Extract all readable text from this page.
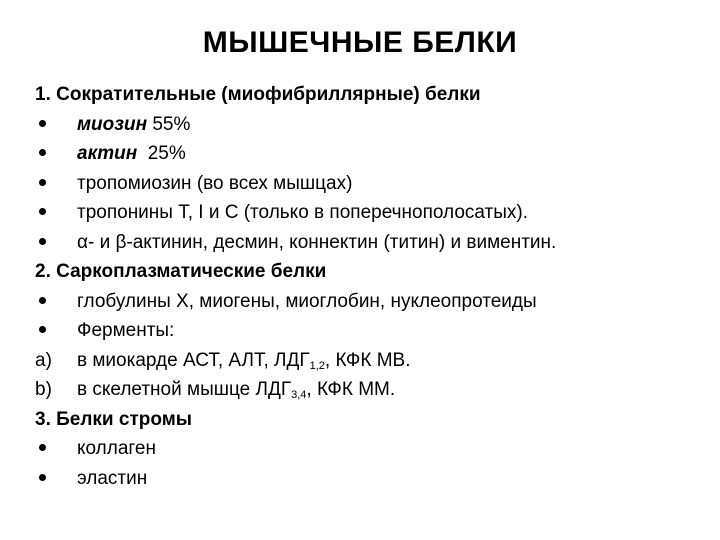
МЫШЕЧНЫЕ БЕЛКИ
1. Сократительные (миофибриллярные) белки
миозин 55%
актин  25%
тропомиозин (во всех мышцах)
тропонины T, I и С (только в поперечнополосатых).
α- и β-актинин, десмин, коннектин (титин) и виментин.
2. Саркоплазматические белки
глобулины Х, миогены, миоглобин, нуклеопротеиды
Ферменты:
a) в миокарде АСТ, АЛТ, $ЛДГ_{1,2}$, КФК МВ.
b) в скелетной мышце $ЛДГ_{3,4}$, КФК ММ.
3. Белки стромы
коллаген
эластин
